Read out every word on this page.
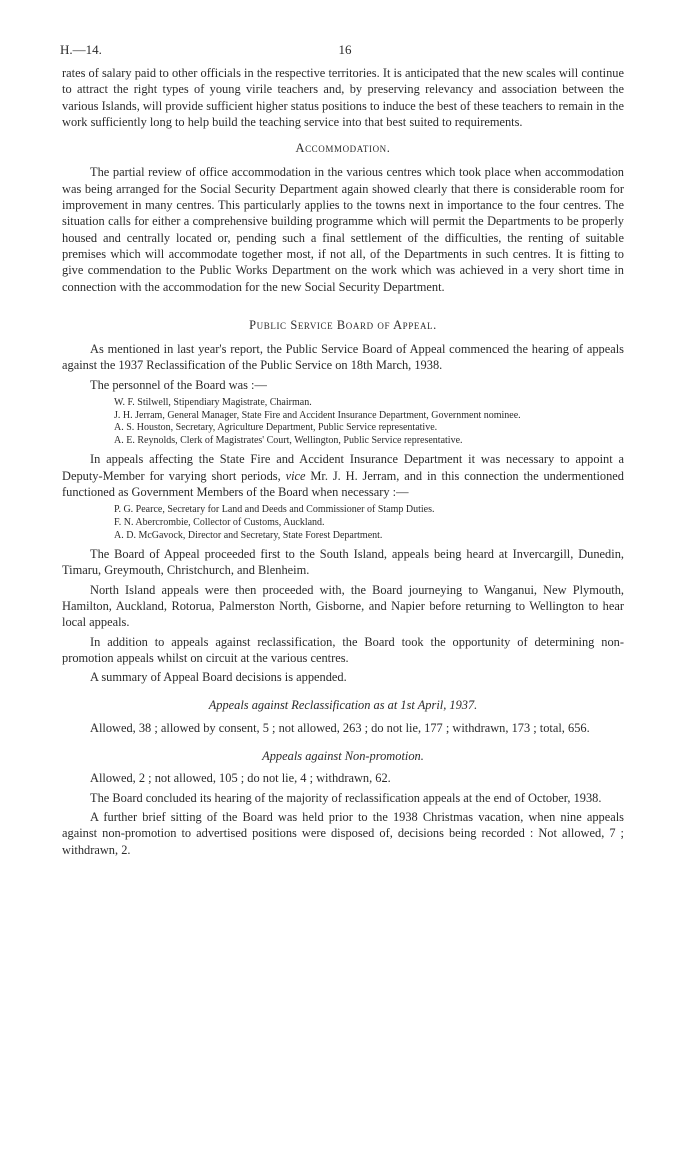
H.—14.	16

rates of salary paid to other officials in the respective territories. It is anticipated that the new scales will continue to attract the right types of young virile teachers and, by preserving relevancy and association between the various Islands, will provide sufficient higher status positions to induce the best of these teachers to remain in the work sufficiently long to help build the teaching service into that best suited to requirements.

Accommodation.

The partial review of office accommodation in the various centres which took place when accommodation was being arranged for the Social Security Department again showed clearly that there is considerable room for improvement in many centres. This particularly applies to the towns next in importance to the four centres. The situation calls for either a comprehensive building programme which will permit the Departments to be properly housed and centrally located or, pending such a final settlement of the difficulties, the renting of suitable premises which will accommodate together most, if not all, of the Departments in such centres. It is fitting to give commendation to the Public Works Department on the work which was achieved in a very short time in connection with the accommodation for the new Social Security Department.

Public Service Board of Appeal.

As mentioned in last year's report, the Public Service Board of Appeal commenced the hearing of appeals against the 1937 Reclassification of the Public Service on 18th March, 1938.

The personnel of the Board was :—

W. F. Stilwell, Stipendiary Magistrate, Chairman.
J. H. Jerram, General Manager, State Fire and Accident Insurance Department, Government nominee.
A. S. Houston, Secretary, Agriculture Department, Public Service representative.
A. E. Reynolds, Clerk of Magistrates' Court, Wellington, Public Service representative.

In appeals affecting the State Fire and Accident Insurance Department it was necessary to appoint a Deputy-Member for varying short periods, vice Mr. J. H. Jerram, and in this connection the undermentioned functioned as Government Members of the Board when necessary :—

P. G. Pearce, Secretary for Land and Deeds and Commissioner of Stamp Duties.
F. N. Abercrombie, Collector of Customs, Auckland.
A. D. McGavock, Director and Secretary, State Forest Department.

The Board of Appeal proceeded first to the South Island, appeals being heard at Invercargill, Dunedin, Timaru, Greymouth, Christchurch, and Blenheim.

North Island appeals were then proceeded with, the Board journeying to Wanganui, New Plymouth, Hamilton, Auckland, Rotorua, Palmerston North, Gisborne, and Napier before returning to Wellington to hear local appeals.

In addition to appeals against reclassification, the Board took the opportunity of determining non-promotion appeals whilst on circuit at the various centres.

A summary of Appeal Board decisions is appended.

Appeals against Reclassification as at 1st April, 1937.

Allowed, 38 ; allowed by consent, 5 ; not allowed, 263 ; do not lie, 177 ; withdrawn, 173 ; total, 656.

Appeals against Non-promotion.

Allowed, 2 ; not allowed, 105 ; do not lie, 4 ; withdrawn, 62.

The Board concluded its hearing of the majority of reclassification appeals at the end of October, 1938.

A further brief sitting of the Board was held prior to the 1938 Christmas vacation, when nine appeals against non-promotion to advertised positions were disposed of, decisions being recorded : Not allowed, 7 ; withdrawn, 2.
